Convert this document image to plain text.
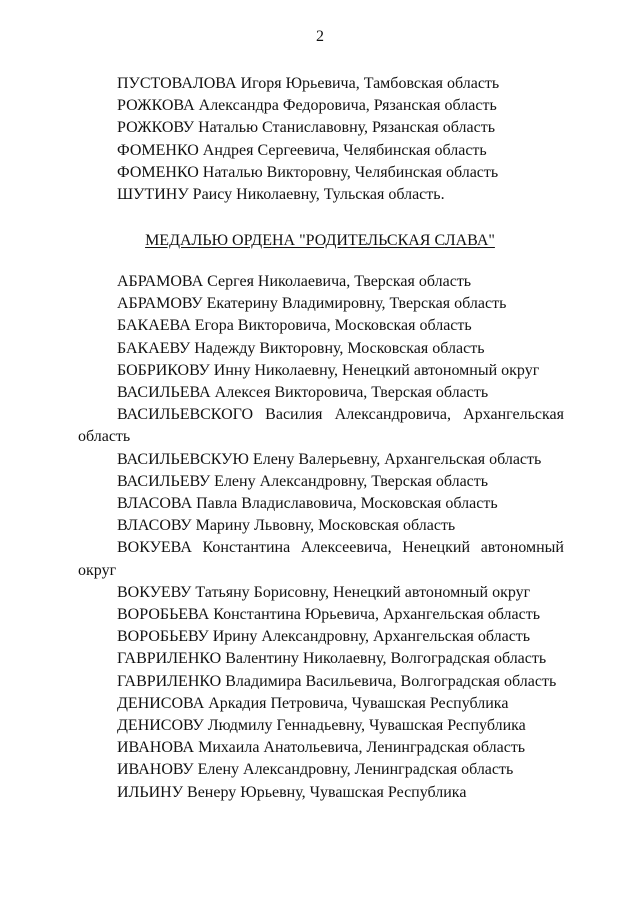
2
ПУСТОВАЛОВА Игоря Юрьевича, Тамбовская область
РОЖКОВА Александра Федоровича, Рязанская область
РОЖКОВУ Наталью Станиславовну, Рязанская область
ФОМЕНКО Андрея Сергеевича, Челябинская область
ФОМЕНКО Наталью Викторовну, Челябинская область
ШУТИНУ Раису Николаевну, Тульская область.
МЕДАЛЬЮ ОРДЕНА "РОДИТЕЛЬСКАЯ СЛАВА"
АБРАМОВА Сергея Николаевича, Тверская область
АБРАМОВУ Екатерину Владимировну, Тверская область
БАКАЕВА Егора Викторовича, Московская область
БАКАЕВУ Надежду Викторовну, Московская область
БОБРИКОВУ Инну Николаевну, Ненецкий автономный округ
ВАСИЛЬЕВА Алексея Викторовича, Тверская область
ВАСИЛЬЕВСКОГО Василия Александровича, Архангельская
область
ВАСИЛЬЕВСКУЮ Елену Валерьевну, Архангельская область
ВАСИЛЬЕВУ Елену Александровну, Тверская область
ВЛАСОВА Павла Владиславовича, Московская область
ВЛАСОВУ Марину Львовну, Московская область
ВОКУЕВА Константина Алексеевича, Ненецкий автономный
округ
ВОКУЕВУ Татьяну Борисовну, Ненецкий автономный округ
ВОРОБЬЕВА Константина Юрьевича, Архангельская область
ВОРОБЬЕВУ Ирину Александровну, Архангельская область
ГАВРИЛЕНКО Валентину Николаевну, Волгоградская область
ГАВРИЛЕНКО Владимира Васильевича, Волгоградская область
ДЕНИСОВА Аркадия Петровича, Чувашская Республика
ДЕНИСОВУ Людмилу Геннадьевну, Чувашская Республика
ИВАНОВА Михаила Анатольевича, Ленинградская область
ИВАНОВУ Елену Александровну, Ленинградская область
ИЛЬИНУ Венеру Юрьевну, Чувашская Республика
